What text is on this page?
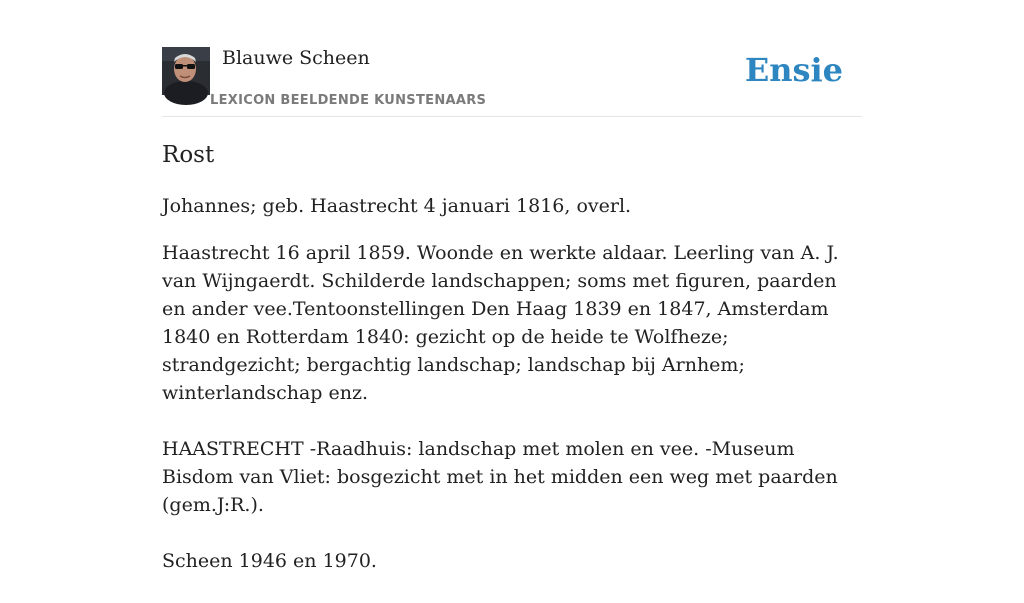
Blauwe Scheen
LEXICON BEELDENDE KUNSTENAARS
Ensie
Rost

Johannes; geb. Haastrecht 4 januari 1816, overl.

Haastrecht 16 april 1859. Woonde en werkte aldaar. Leerling van A. J. van Wijngaerdt. Schilderde landschappen; soms met figuren, paarden en ander vee.Tentoonstellingen Den Haag 1839 en 1847, Amsterdam 1840 en Rotterdam 1840: gezicht op de heide te Wolfheze; strandgezicht; bergachtig landschap; landschap bij Arnhem; winterlandschap enz.

HAASTRECHT -Raadhuis: landschap met molen en vee. -Museum Bisdom van Vliet: bosgezicht met in het midden een weg met paarden (gem.J:R.).

Scheen 1946 en 1970.
